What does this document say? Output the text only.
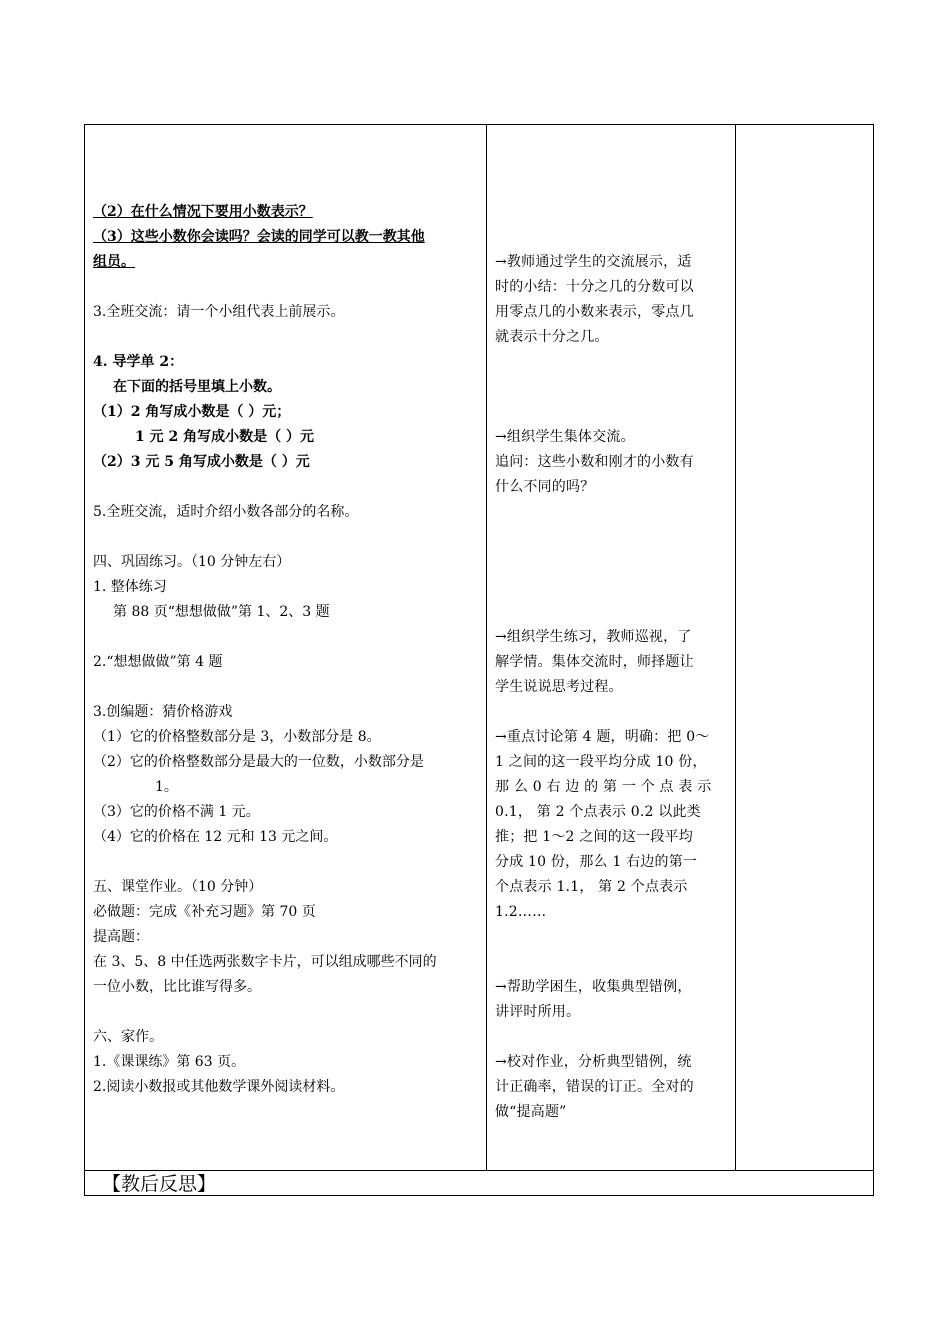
（2）在什么情况下要用小数表示？
（3）这些小数你会读吗？会读的同学可以教一教其他
组员。
3.全班交流：请一个小组代表上前展示。
4. 导学单 2：
在下面的括号里填上小数。
（1）2 角写成小数是（ ）元；
1 元 2 角写成小数是（ ）元
（2）3 元 5 角写成小数是（ ）元
5.全班交流，适时介绍小数各部分的名称。
四、巩固练习。（10 分钟左右）
1. 整体练习
第 88 页“想想做做”第 1、2、3 题
2.“想想做做”第 4 题
3.创编题：猜价格游戏
（1）它的价格整数部分是 3，小数部分是 8。
（2）它的价格整数部分是最大的一位数，小数部分是
1。
（3）它的价格不满 1 元。
（4）它的价格在 12 元和 13 元之间。
五、课堂作业。（10 分钟）
必做题：完成《补充习题》第 70 页
提高题：
在 3、5、8 中任选两张数字卡片，可以组成哪些不同的
一位小数，比比谁写得多。
六、家作。
1.《课课练》第 63 页。
2.阅读小数报或其他数学课外阅读材料。
→教师通过学生的交流展示，适
时的小结：十分之几的分数可以
用零点几的小数来表示，零点几
就表示十分之几。
→组织学生集体交流。
追问：这些小数和刚才的小数有
什么不同的吗？
→组织学生练习，教师巡视，了
解学情。集体交流时，师择题让
学生说说思考过程。
→重点讨论第 4 题，明确：把 0～
1 之间的这一段平均分成 10 份，
那 么 0 右 边 的 第 一 个 点 表 示
0.1， 第 2 个点表示 0.2 以此类
推；把 1～2 之间的这一段平均
分成 10 份，那么 1 右边的第一
个点表示 1.1， 第 2 个点表示
1.2……
→帮助学困生，收集典型错例，
讲评时所用。
→校对作业，分析典型错例，统
计正确率，错误的订正。全对的
做“提高题”
【教后反思】
